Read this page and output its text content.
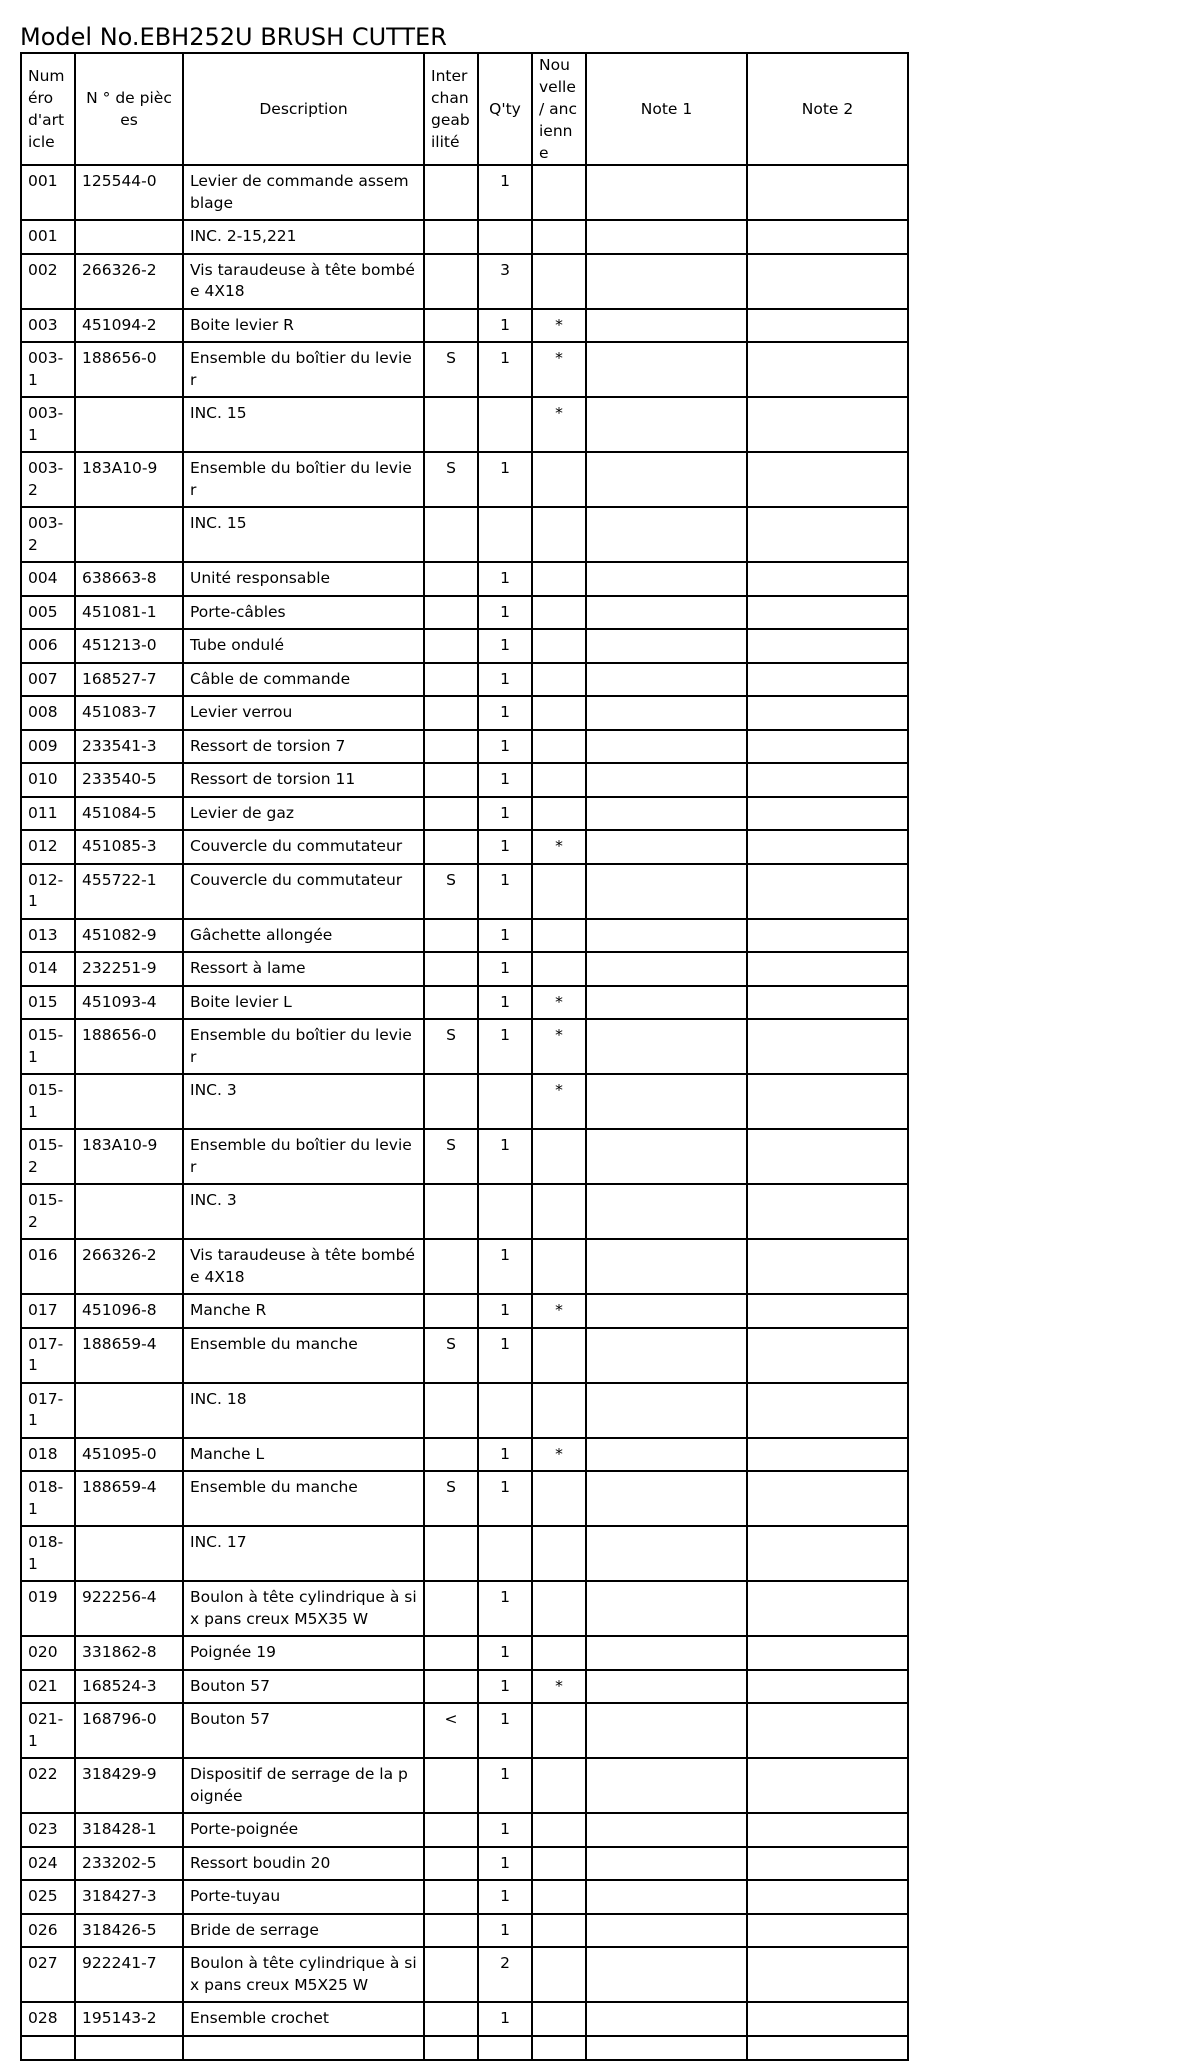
Model No.EBH252U BRUSH CUTTER
Numéro d'article	N ° de pièces	Description	Interchangeabilité	Q'ty	Nouvelle / ancienne	Note 1	Note 2
001	125544-0	Levier de commande assemblage		1			
001		INC. 2-15,221					
002	266326-2	Vis taraudeuse à tête bombée 4X18		3			
003	451094-2	Boite levier R		1	*		
003-1	188656-0	Ensemble du boîtier du levier	S	1	*		
003-1		INC. 15			*		
003-2	183A10-9	Ensemble du boîtier du levier	S	1			
003-2		INC. 15					
004	638663-8	Unité responsable		1			
005	451081-1	Porte-câbles		1			
006	451213-0	Tube ondulé		1			
007	168527-7	Câble de commande		1			
008	451083-7	Levier verrou		1			
009	233541-3	Ressort de torsion 7		1			
010	233540-5	Ressort de torsion 11		1			
011	451084-5	Levier de gaz		1			
012	451085-3	Couvercle du commutateur		1	*		
012-1	455722-1	Couvercle du commutateur	S	1			
013	451082-9	Gâchette allongée		1			
014	232251-9	Ressort à lame		1			
015	451093-4	Boite levier L		1	*		
015-1	188656-0	Ensemble du boîtier du levier	S	1	*		
015-1		INC. 3			*		
015-2	183A10-9	Ensemble du boîtier du levier	S	1			
015-2		INC. 3					
016	266326-2	Vis taraudeuse à tête bombée 4X18		1			
017	451096-8	Manche R		1	*		
017-1	188659-4	Ensemble du manche	S	1			
017-1		INC. 18					
018	451095-0	Manche L		1	*		
018-1	188659-4	Ensemble du manche	S	1			
018-1		INC. 17					
019	922256-4	Boulon à tête cylindrique à six pans creux M5X35 W		1			
020	331862-8	Poignée 19		1			
021	168524-3	Bouton 57		1	*		
021-1	168796-0	Bouton 57	<	1			
022	318429-9	Dispositif de serrage de la poignée		1			
023	318428-1	Porte-poignée		1			
024	233202-5	Ressort boudin 20		1			
025	318427-3	Porte-tuyau		1			
026	318426-5	Bride de serrage		1			
027	922241-7	Boulon à tête cylindrique à six pans creux M5X25 W		2			
028	195143-2	Ensemble crochet		1			
